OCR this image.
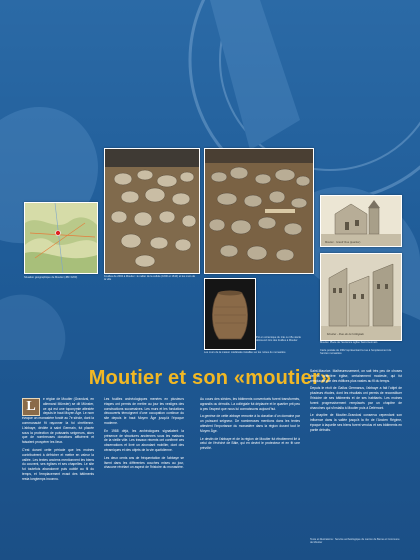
Situation géographique de Moutier (JBF 0200)	Fouilles de 2002 à Moutier : le radier de la cellule (1600 et 1610) et les murs de la ville
Pot en céramique du 14e ou 15e siècle découvert lors des fouilles à Moutier
Moutier · Grand' Rue (quartier)
Moutier - Rue de la Collégiale
Moutier. Place de l'ancienne église Saint-Germain
Carte postale de 1902 représentant la rue à l'emplacement de l'ancien monastère
Les murs de la maison médiévale installée sur les ruines du monastère
Moutier et son «moutier»
L	e région de Moutier (Grandval, en allemand Münster) se dit Münster, ce qui est une toponymie attestée depuis le haut Moyen Âge. Le nom évoque un monastère fondé au 7e siècle, dont la communauté fit rayonner la foi chrétienne. L'abbaye, dédiée à saint Germain, fut placée sous la protection de puissants seigneurs, alors que de nombreuses donations affluèrent et faisaient prospérer les lieux.

C'est durant cette période que les moines contribuèrent à défricher et mettre en valeur la vallée. Les textes anciens mentionnent les biens du couvent, ses églises et ses chapelles. Le site fut toutefois abandonné puis oublié au fil du temps, et l'emplacement exact des bâtiments resta longtemps inconnu.

Les fouilles archéologiques menées en plusieurs étapes ont permis de mettre au jour les vestiges des constructions successives. Les murs et les fondations découverts témoignent d'une occupation continue du site depuis le haut Moyen Âge jusqu'à l'époque moderne.

En 1988 déjà, les archéologues signalaient la présence de structures anciennes sous les maisons de la vieille ville. Les travaux récents ont confirmé ces observations et livré un abondant mobilier, dont des céramiques et des objets de la vie quotidienne.

Les deux cents ans de fréquentation de l'abbaye se lisent dans les différentes couches mises au jour, chacune révélant un aspect de l'histoire du monastère.

Au cours des siècles, les bâtiments conventuels furent transformés, agrandis ou démolis. La collégiale fut déplacée et le quartier prit peu à peu l'aspect que nous lui connaissons aujourd'hui.

La genèse de cette abbaye remonte à la donation d'un domaine par un puissant seigneur. De nombreuses mentions dans les textes attestent l'importance du monastère dans la région durant tout le Moyen Âge.

Le destin de l'abbaye et de la région de Moutier fut étroitement lié à celui de l'évêché de Bâle, qui en devint le protecteur et en fit une prévôté.

Saint-Maurice. Malheureusement, on sait très peu de choses de la première église, certainement modeste, qui fut remplacée par des édifices plus vastes au fil du temps.

Depuis le récit de Gallus Germanus, l'abbaye a fait l'objet de plusieurs études, dont les résultats ont permis de reconstituer l'histoire de ses bâtiments et de ses habitants. Les moines furent progressivement remplacés par un chapitre de chanoines qui s'installa à Moutier puis à Delémont.

Le chapitre de Moutier-Grandval conserva cependant son influence dans la vallée jusqu'à la fin de l'Ancien Régime, époque à laquelle ses biens furent vendus et ses bâtiments en partie détruits.

Texte et illustrations : Service archéologique du canton de Berne et Commune de Moutier
